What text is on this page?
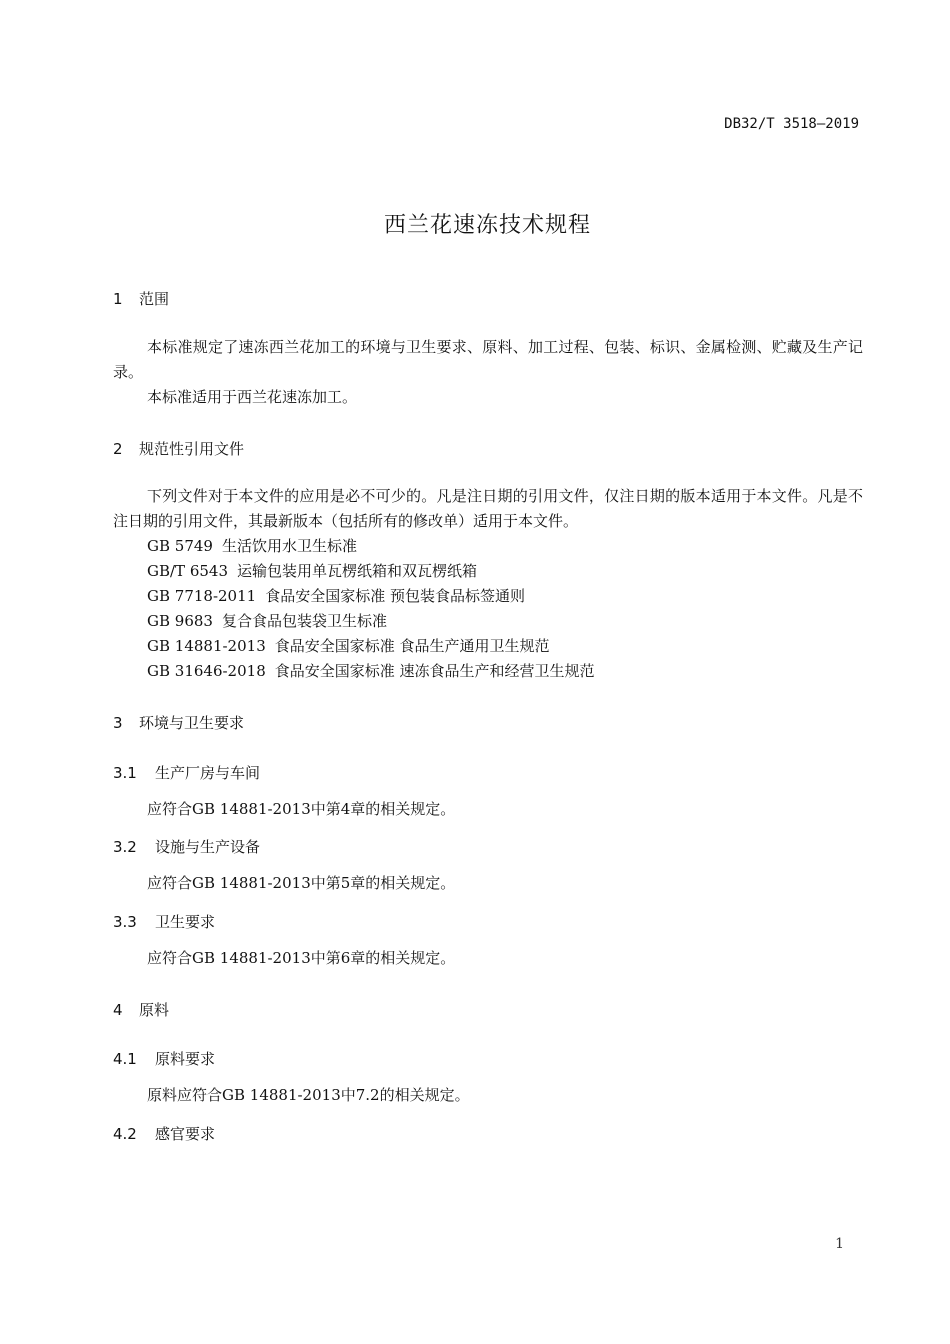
DB32/T 3518—2019
西兰花速冻技术规程
1 范围
本标准规定了速冻西兰花加工的环境与卫生要求、原料、加工过程、包装、标识、金属检测、贮藏及生产记录。
本标准适用于西兰花速冻加工。
2 规范性引用文件
下列文件对于本文件的应用是必不可少的。凡是注日期的引用文件，仅注日期的版本适用于本文件。凡是不注日期的引用文件，其最新版本（包括所有的修改单）适用于本文件。
GB 5749 生活饮用水卫生标准
GB/T 6543 运输包装用单瓦楞纸箱和双瓦楞纸箱
GB 7718-2011 食品安全国家标准 预包装食品标签通则
GB 9683 复合食品包装袋卫生标准
GB 14881-2013 食品安全国家标准 食品生产通用卫生规范
GB 31646-2018 食品安全国家标准 速冻食品生产和经营卫生规范
3 环境与卫生要求
3.1 生产厂房与车间
应符合GB 14881-2013中第4章的相关规定。
3.2 设施与生产设备
应符合GB 14881-2013中第5章的相关规定。
3.3 卫生要求
应符合GB 14881-2013中第6章的相关规定。
4 原料
4.1 原料要求
原料应符合GB 14881-2013中7.2的相关规定。
4.2 感官要求
1
